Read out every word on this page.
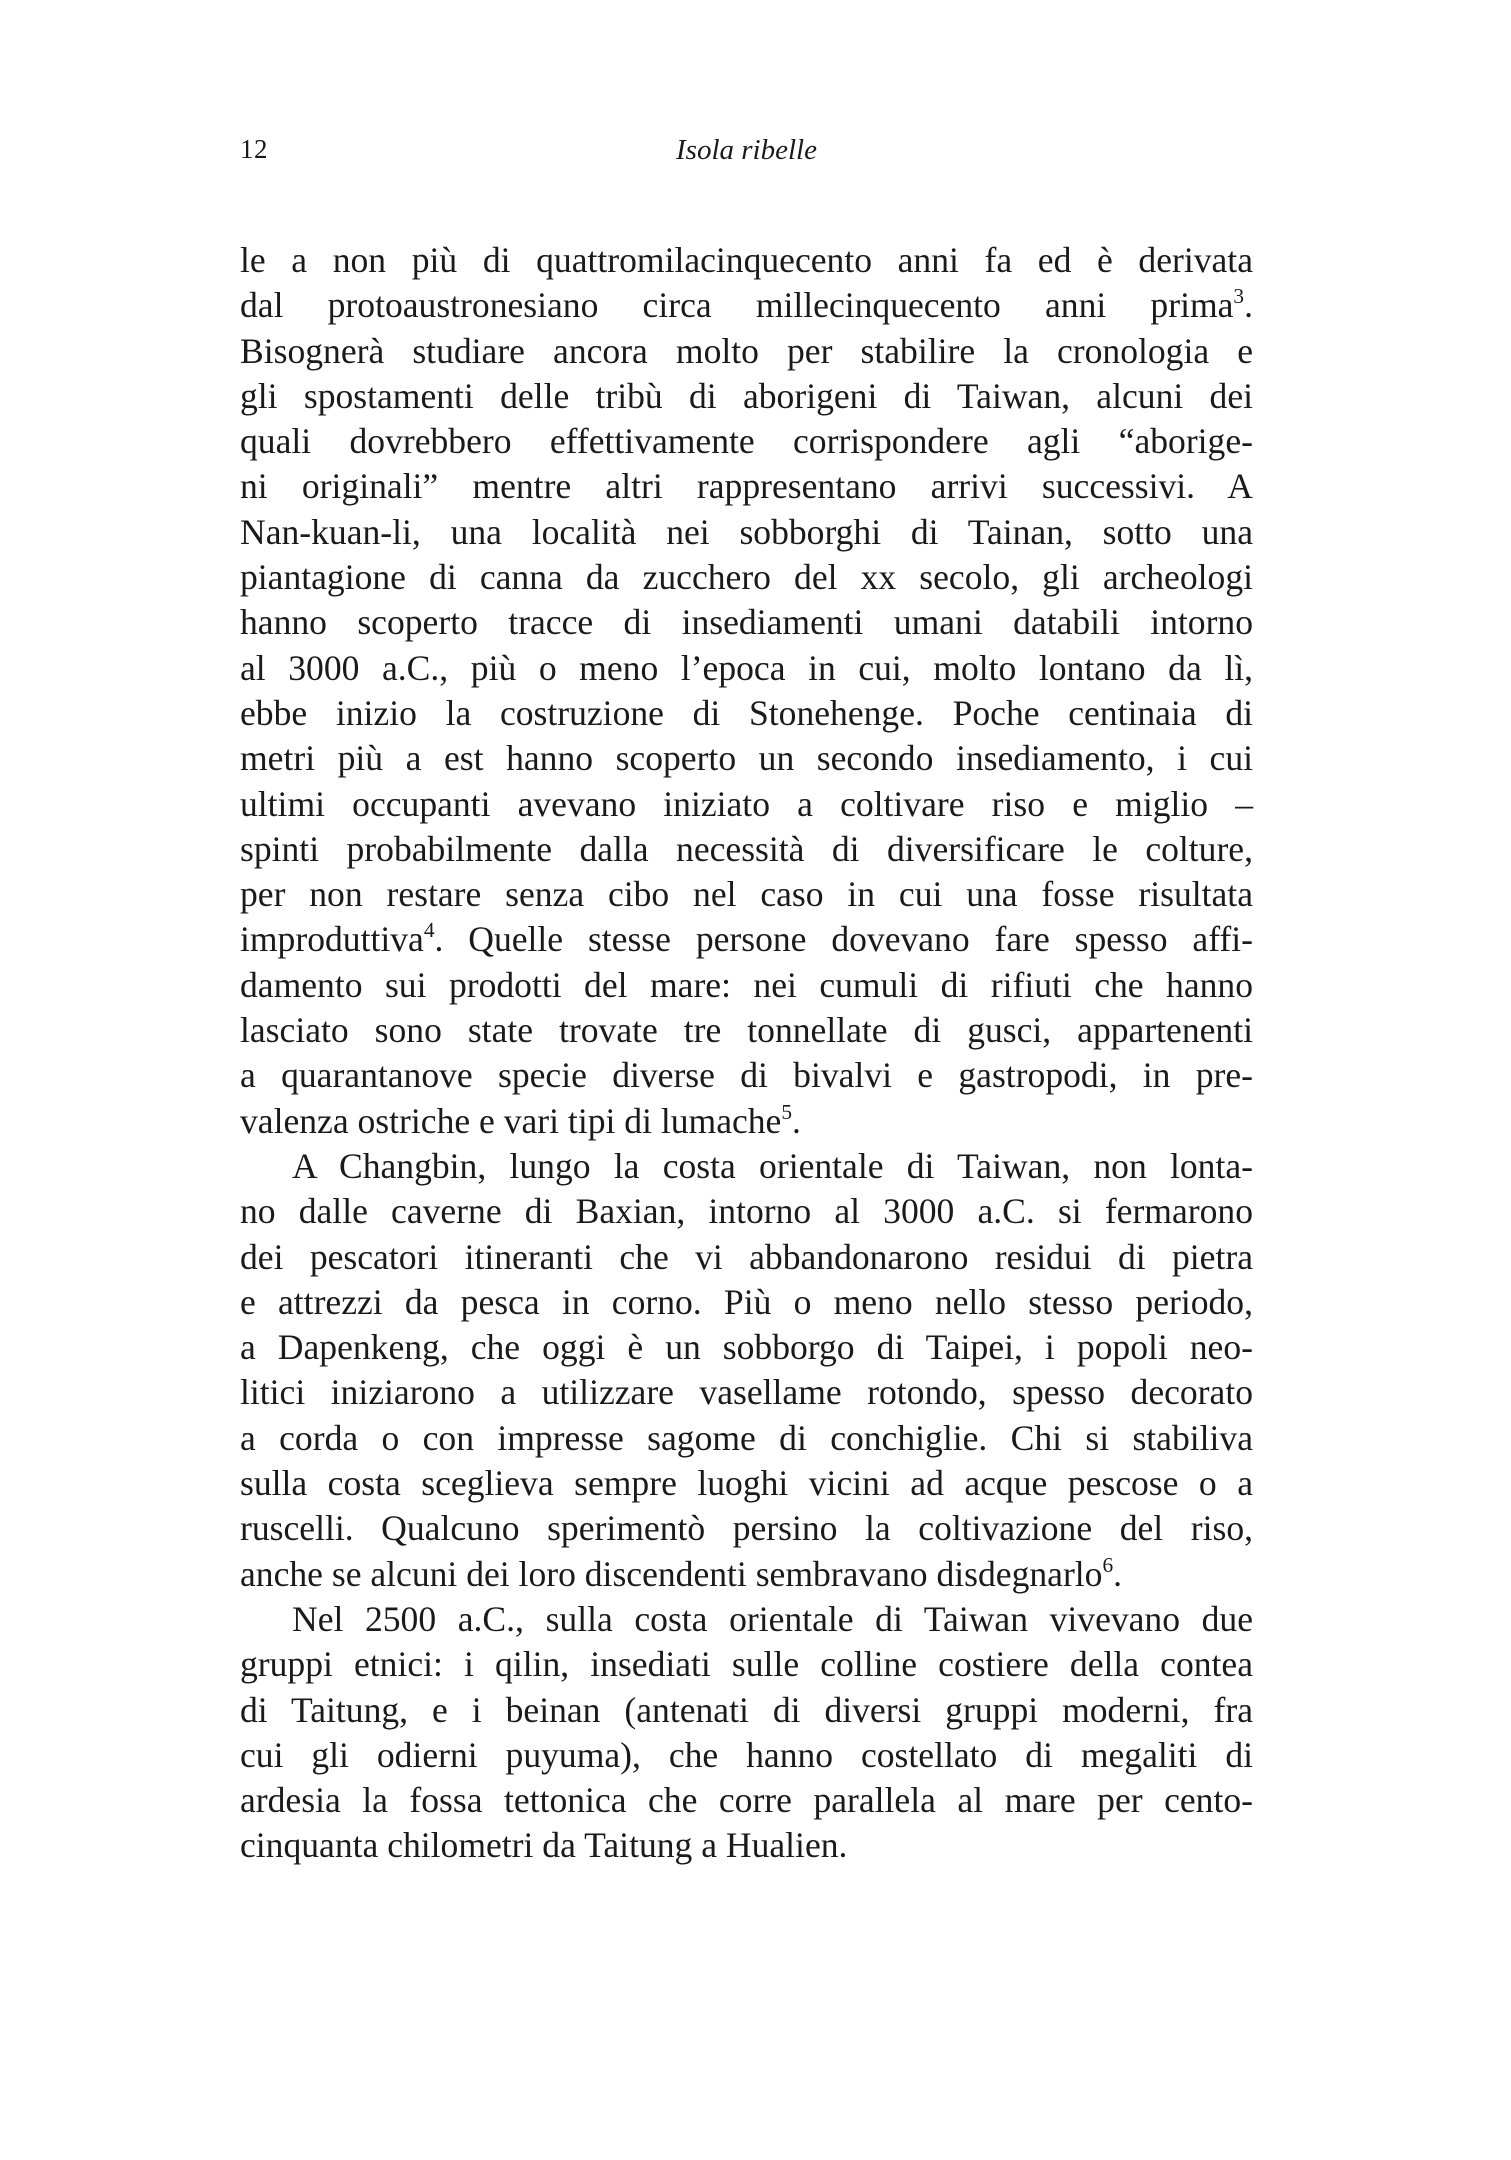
12	Isola ribelle
le a non più di quattromilacinquecento anni fa ed è derivata
dal protoaustronesiano circa millecinquecento anni prima$^3$.
Bisognerà studiare ancora molto per stabilire la cronologia e
gli spostamenti delle tribù di aborigeni di Taiwan, alcuni dei
quali dovrebbero effettivamente corrispondere agli “aborige-
ni originali” mentre altri rappresentano arrivi successivi. A
Nan-kuan-li, una località nei sobborghi di Tainan, sotto una
piantagione di canna da zucchero del xx secolo, gli archeologi
hanno scoperto tracce di insediamenti umani databili intorno
al 3000 a.C., più o meno l’epoca in cui, molto lontano da lì,
ebbe inizio la costruzione di Stonehenge. Poche centinaia di
metri più a est hanno scoperto un secondo insediamento, i cui
ultimi occupanti avevano iniziato a coltivare riso e miglio –
spinti probabilmente dalla necessità di diversificare le colture,
per non restare senza cibo nel caso in cui una fosse risultata
improduttiva$^4$. Quelle stesse persone dovevano fare spesso affi-
damento sui prodotti del mare: nei cumuli di rifiuti che hanno
lasciato sono state trovate tre tonnellate di gusci, appartenenti
a quarantanove specie diverse di bivalvi e gastropodi, in pre-
valenza ostriche e vari tipi di lumache$^5$.
A Changbin, lungo la costa orientale di Taiwan, non lonta-
no dalle caverne di Baxian, intorno al 3000 a.C. si fermarono
dei pescatori itineranti che vi abbandonarono residui di pietra
e attrezzi da pesca in corno. Più o meno nello stesso periodo,
a Dapenkeng, che oggi è un sobborgo di Taipei, i popoli neo-
litici iniziarono a utilizzare vasellame rotondo, spesso decorato
a corda o con impresse sagome di conchiglie. Chi si stabiliva
sulla costa sceglieva sempre luoghi vicini ad acque pescose o a
ruscelli. Qualcuno sperimentò persino la coltivazione del riso,
anche se alcuni dei loro discendenti sembravano disdegnarlo$^6$.
Nel 2500 a.C., sulla costa orientale di Taiwan vivevano due
gruppi etnici: i qilin, insediati sulle colline costiere della contea
di Taitung, e i beinan (antenati di diversi gruppi moderni, fra
cui gli odierni puyuma), che hanno costellato di megaliti di
ardesia la fossa tettonica che corre parallela al mare per cento-
cinquanta chilometri da Taitung a Hualien.
